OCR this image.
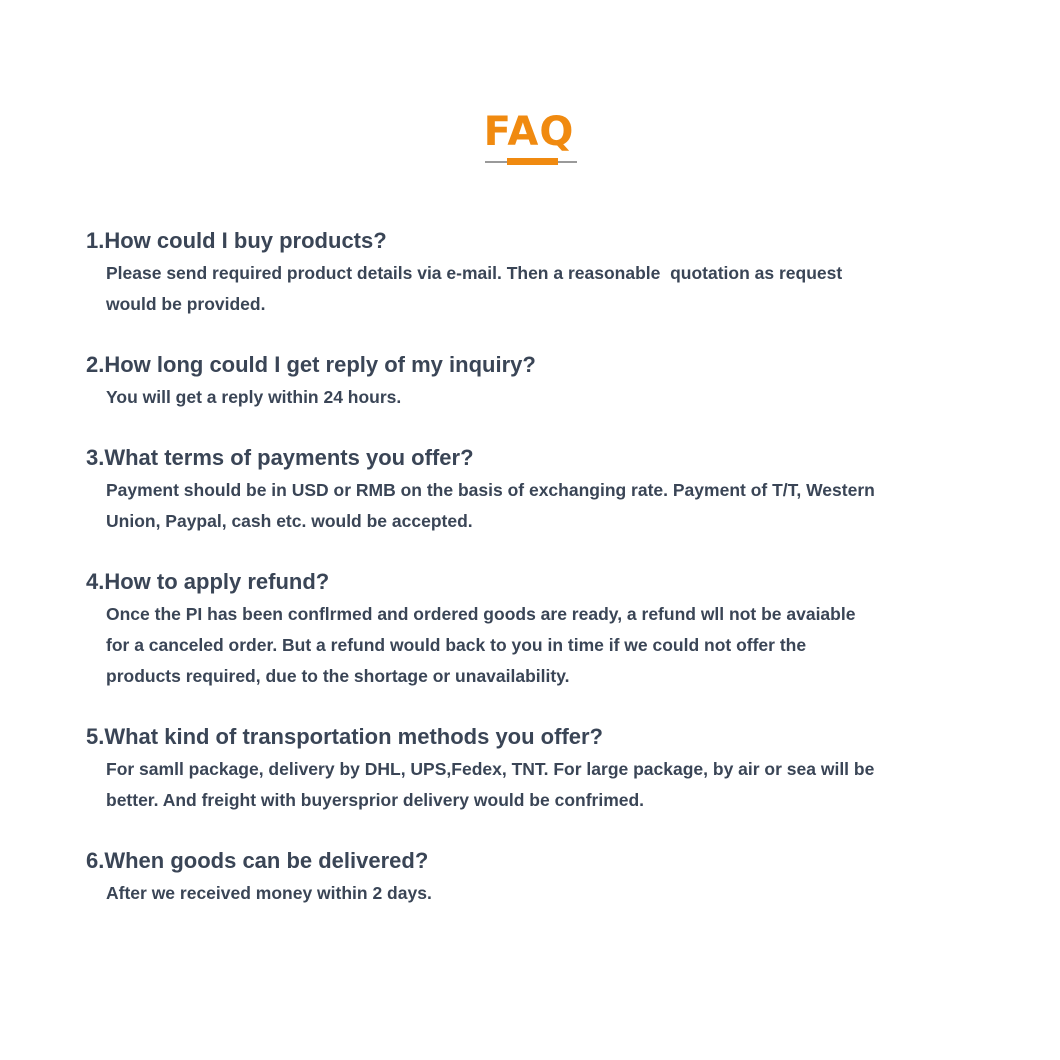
FAQ
1.How could I buy products?
Please send required product details via e-mail. Then a reasonable  quotation as request
would be provided.
2.How long could I get reply of my inquiry?
You will get a reply within 24 hours.
3.What terms of payments you offer?
Payment should be in USD or RMB on the basis of exchanging rate. Payment of T/T, Western
Union, Paypal, cash etc. would be accepted.
4.How to apply refund?
Once the PI has been conflrmed and ordered goods are ready, a refund wll not be avaiable
for a canceled order. But a refund would back to you in time if we could not offer the
products required, due to the shortage or unavailability.
5.What kind of transportation methods you offer?
For samll package, delivery by DHL, UPS,Fedex, TNT. For large package, by air or sea will be
better. And freight with buyersprior delivery would be confrimed.
6.When goods can be delivered?
After we received money within 2 days.
